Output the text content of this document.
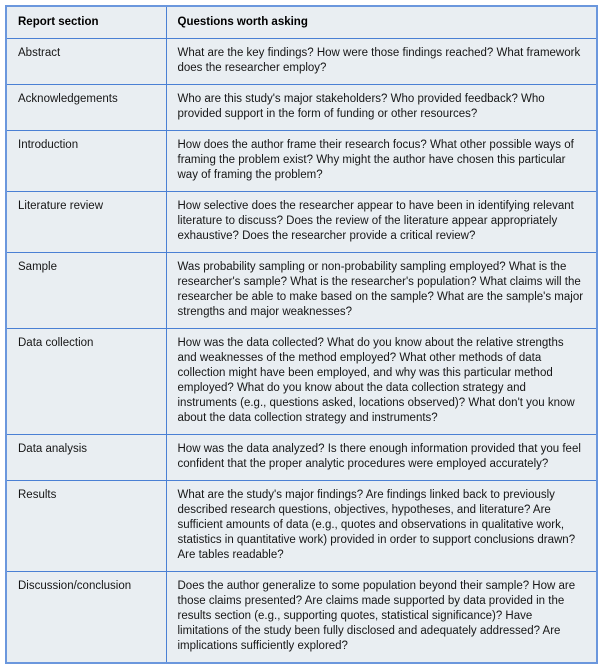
Report section	Questions worth asking
Abstract	What are the key findings? How were those findings reached? What framework does the researcher employ?
Acknowledgements	Who are this study's major stakeholders? Who provided feedback? Who provided support in the form of funding or other resources?
Introduction	How does the author frame their research focus? What other possible ways of framing the problem exist? Why might the author have chosen this particular way of framing the problem?
Literature review	How selective does the researcher appear to have been in identifying relevant literature to discuss? Does the review of the literature appear appropriately exhaustive? Does the researcher provide a critical review?
Sample	Was probability sampling or non-probability sampling employed? What is the researcher's sample? What is the researcher's population? What claims will the researcher be able to make based on the sample? What are the sample's major strengths and major weaknesses?
Data collection	How was the data collected? What do you know about the relative strengths and weaknesses of the method employed? What other methods of data collection might have been employed, and why was this particular method employed? What do you know about the data collection strategy and instruments (e.g., questions asked, locations observed)? What don't you know about the data collection strategy and instruments?
Data analysis	How was the data analyzed? Is there enough information provided that you feel confident that the proper analytic procedures were employed accurately?
Results	What are the study's major findings? Are findings linked back to previously described research questions, objectives, hypotheses, and literature? Are sufficient amounts of data (e.g., quotes and observations in qualitative work, statistics in quantitative work) provided in order to support conclusions drawn? Are tables readable?
Discussion/conclusion	Does the author generalize to some population beyond their sample? How are those claims presented? Are claims made supported by data provided in the results section (e.g., supporting quotes, statistical significance)? Have limitations of the study been fully disclosed and adequately addressed? Are implications sufficiently explored?
